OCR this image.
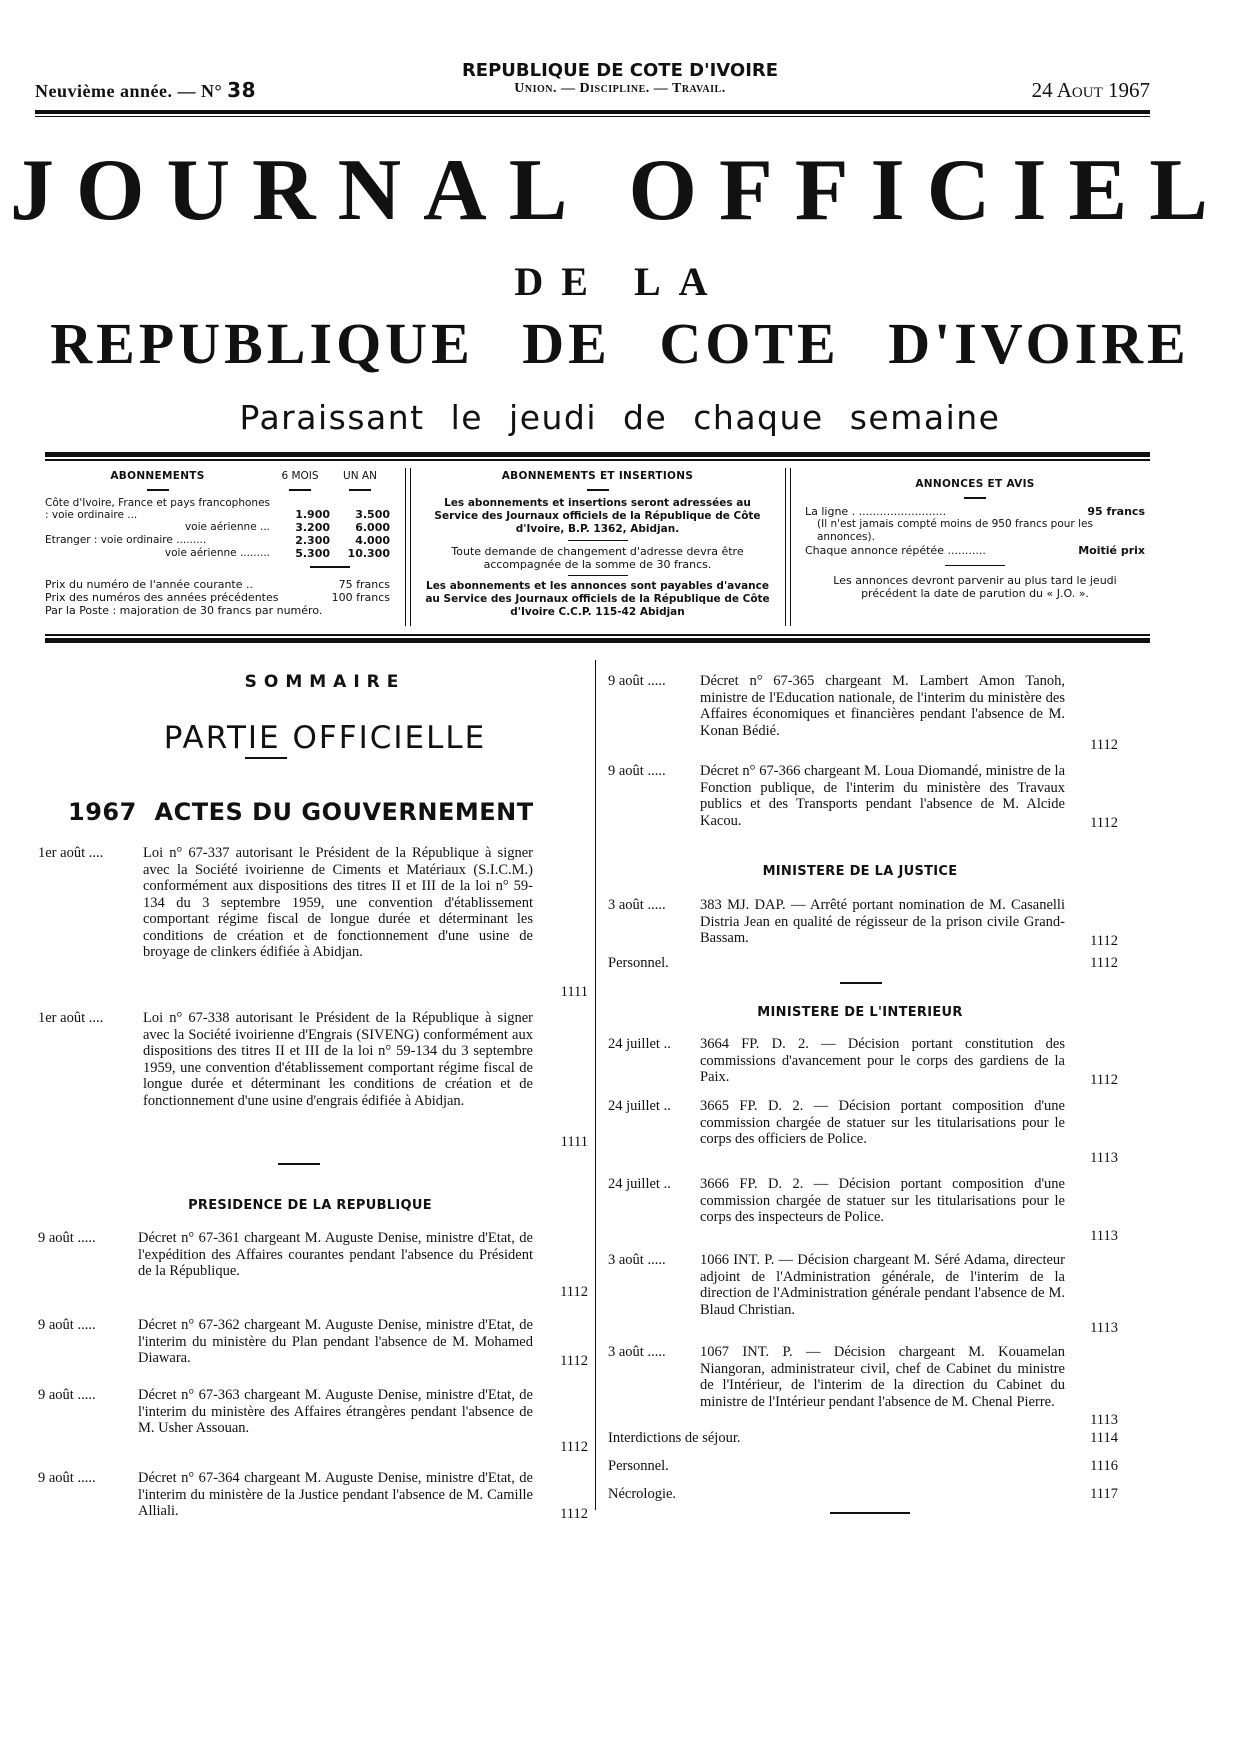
Neuvième année. — N° 38
REPUBLIQUE DE COTE D'IVOIRE
Union. — Discipline. — Travail.	24 Aout 1967
JOURNAL OFFICIEL
DE LA
REPUBLIQUE DE COTE D'IVOIRE
Paraissant le jeudi de chaque semaine
ABONNEMENTS	6 MOIS	UN AN
Côte d'Ivoire, France et pays francophones : voie ordinaire ...	1.900	3.500
voie aérienne ...	3.200	6.000
Etranger : voie ordinaire .........	2.300	4.000
voie aérienne .........	5.300	10.300
Prix du numéro de l'année courante ..	75 francs
Prix des numéros des années précédentes	100 francs
Par la Poste : majoration de 30 francs par numéro.
ABONNEMENTS ET INSERTIONS
Les abonnements et insertions seront adressées au Service des Journaux officiels de la République de Côte d'Ivoire, B.P. 1362, Abidjan.
Toute demande de changement d'adresse devra être accompagnée de la somme de 30 francs.
Les abonnements et les annonces sont payables d'avance au Service des Journaux officiels de la République de Côte d'Ivoire C.C.P. 115-42 Abidjan
ANNONCES ET AVIS
La ligne . .........................	95 francs
(Il n'est jamais compté moins de 950 francs pour les annonces).
Chaque annonce répétée ...........	Moitié prix
Les annonces devront parvenir au plus tard le jeudi précédent la date de parution du « J.O. ».
SOMMAIRE
PARTIE OFFICIELLE
1967 ACTES DU GOUVERNEMENT
1er août ....	Loi n° 67-337 autorisant le Président de la République à signer avec la Société ivoirienne de Ciments et Matériaux (S.I.C.M.) conformément aux dispositions des titres II et III de la loi n° 59-134 du 3 septembre 1959, une convention d'établissement comportant régime fiscal de longue durée et déterminant les conditions de création et de fonctionnement d'une usine de broyage de clinkers édifiée à Abidjan.
1111
1er août ....	Loi n° 67-338 autorisant le Président de la République à signer avec la Société ivoirienne d'Engrais (SIVENG) conformément aux dispositions des titres II et III de la loi n° 59-134 du 3 septembre 1959, une convention d'établissement comportant régime fiscal de longue durée et déterminant les conditions de création et de fonctionnement d'une usine d'engrais édifiée à Abidjan.
1111
PRESIDENCE DE LA REPUBLIQUE
9 août .....	Décret n° 67-361 chargeant M. Auguste Denise, ministre d'Etat, de l'expédition des Affaires courantes pendant l'absence du Président de la République.
1112
9 août .....	Décret n° 67-362 chargeant M. Auguste Denise, ministre d'Etat, de l'interim du ministère du Plan pendant l'absence de M. Mohamed Diawara.	1112
9 août .....	Décret n° 67-363 chargeant M. Auguste Denise, ministre d'Etat, de l'interim du ministère des Affaires étrangères pendant l'absence de M. Usher Assouan.
1112
9 août .....	Décret n° 67-364 chargeant M. Auguste Denise, ministre d'Etat, de l'interim du ministère de la Justice pendant l'absence de M. Camille Alliali.	1112
9 août ..... Décret n° 67-365 chargeant M. Lambert Amon Tanoh, ministre de l'Education nationale, de l'interim du ministère des Affaires économiques et financières pendant l'absence de M. Konan Bédié.
1112
9 août ..... Décret n° 67-366 chargeant M. Loua Diomandé, ministre de la Fonction publique, de l'interim du ministère des Travaux publics et des Transports pendant l'absence de M. Alcide Kacou.	1112
MINISTERE DE LA JUSTICE
3 août ..... 383 MJ. DAP. — Arrêté portant nomination de M. Casanelli Distria Jean en qualité de régisseur de la prison civile Grand-Bassam.	1112
Personnel.	1112
MINISTERE DE L'INTERIEUR
24 juillet .. 3664 FP. D. 2. — Décision portant constitution des commissions d'avancement pour le corps des gardiens de la Paix.	1112
24 juillet .. 3665 FP. D. 2. — Décision portant composition d'une commission chargée de statuer sur les titularisations pour le corps des officiers de Police.
1113
24 juillet .. 3666 FP. D. 2. — Décision portant composition d'une commission chargée de statuer sur les titularisations pour le corps des inspecteurs de Police.
1113
3 août ..... 1066 INT. P. — Décision chargeant M. Séré Adama, directeur adjoint de l'Administration générale, de l'interim de la direction de l'Administration générale pendant l'absence de M. Blaud Christian.
1113
3 août ..... 1067 INT. P. — Décision chargeant M. Kouamelan Niangoran, administrateur civil, chef de Cabinet du ministre de l'Intérieur, de l'interim de la direction du Cabinet du ministre de l'Intérieur pendant l'absence de M. Chenal Pierre.
1113
Interdictions de séjour.	1114
Personnel.	1116
Nécrologie.	1117
